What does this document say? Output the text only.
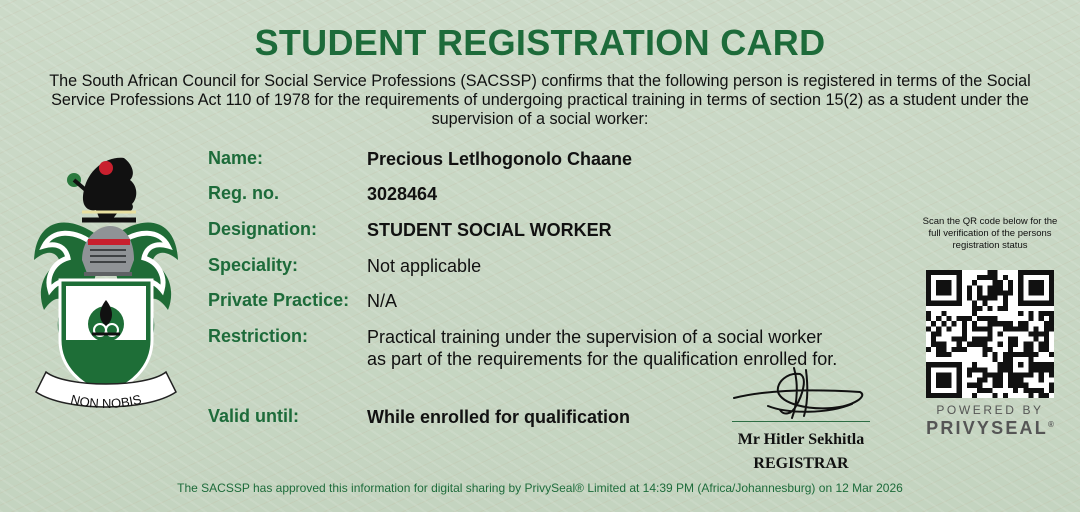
STUDENT REGISTRATION CARD
The South African Council for Social Service Professions (SACSSP) confirms that the following person is registered in terms of the Social Service Professions Act 110 of 1978 for the requirements of undergoing practical training in terms of section 15(2) as a student under the supervision of a social worker:
NON NOBIS
Name:	Precious Letlhogonolo Chaane
Reg. no.	3028464
Designation:	STUDENT SOCIAL WORKER
Speciality:	Not applicable
Private Practice: N/A
Restriction:	Practical training under the supervision of a social worker
as part of the requirements for the qualification enrolled for.
Valid until:	While enrolled for qualification
Mr Hitler Sekhitla
REGISTRAR
Scan the QR code below for the full verification of the persons registration status
POWERED BY
PRIVYSEAL®
The SACSSP has approved this information for digital sharing by PrivySeal® Limited at 14:39 PM (Africa/Johannesburg) on 12 Mar 2026
